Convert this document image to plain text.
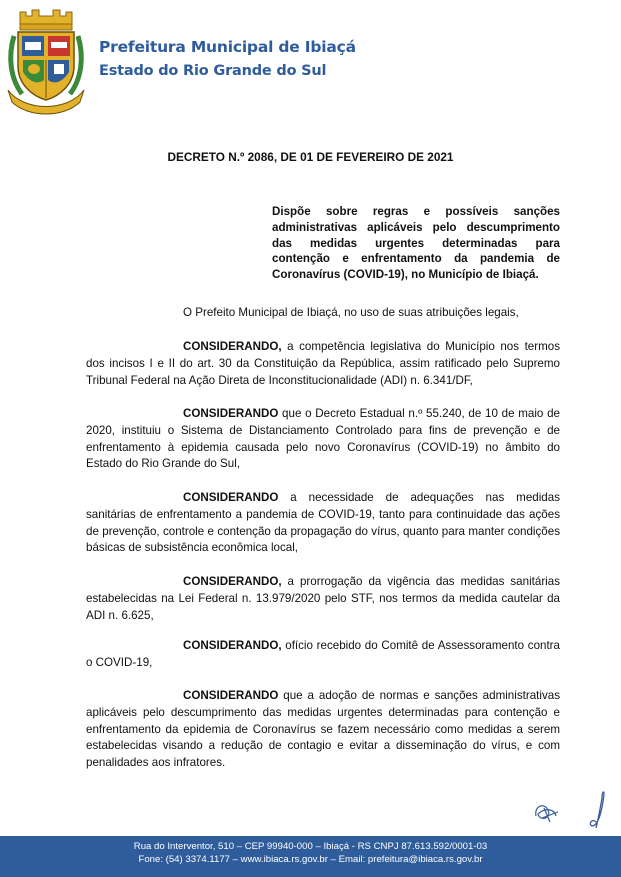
Prefeitura Municipal de Ibiaçá
Estado do Rio Grande do Sul

DECRETO N.º 2086, DE 01 DE FEVEREIRO DE 2021

Dispõe sobre regras e possíveis sanções administrativas aplicáveis pelo descumprimento das medidas urgentes determinadas para contenção e enfrentamento da pandemia de Coronavírus (COVID-19), no Município de Ibiaçá.

O Prefeito Municipal de Ibiaçá, no uso de suas atribuições legais,

CONSIDERANDO, a competência legislativa do Município nos termos dos incisos I e II do art. 30 da Constituição da República, assim ratificado pelo Supremo Tribunal Federal na Ação Direta de Inconstitucionalidade (ADI) n. 6.341/DF,

CONSIDERANDO que o Decreto Estadual n.º 55.240, de 10 de maio de 2020, instituiu o Sistema de Distanciamento Controlado para fins de prevenção e de enfrentamento à epidemia causada pelo novo Coronavírus (COVID-19) no âmbito do Estado do Rio Grande do Sul,

CONSIDERANDO a necessidade de adequações nas medidas sanitárias de enfrentamento a pandemia de COVID-19, tanto para continuidade das ações de prevenção, controle e contenção da propagação do vírus, quanto para manter condições básicas de subsistência econômica local,

CONSIDERANDO, a prorrogação da vigência das medidas sanitárias estabelecidas na Lei Federal n. 13.979/2020 pelo STF, nos termos da medida cautelar da ADI n. 6.625,

CONSIDERANDO, ofício recebido do Comitê de Assessoramento contra o COVID-19,

CONSIDERANDO que a adoção de normas e sanções administrativas aplicáveis pelo descumprimento das medidas urgentes determinadas para contenção e enfrentamento da epidemia de Coronavírus se fazem necessário como medidas a serem estabelecidas visando a redução de contagio e evitar a disseminação do vírus, e com penalidades aos infratores.

Rua do Interventor, 510 – CEP 99940-000 – Ibiaçá - RS CNPJ 87.613.592/0001-03
Fone: (54) 3374.1177 – www.ibiaca.rs.gov.br – Email: prefeitura@ibiaca.rs.gov.br
